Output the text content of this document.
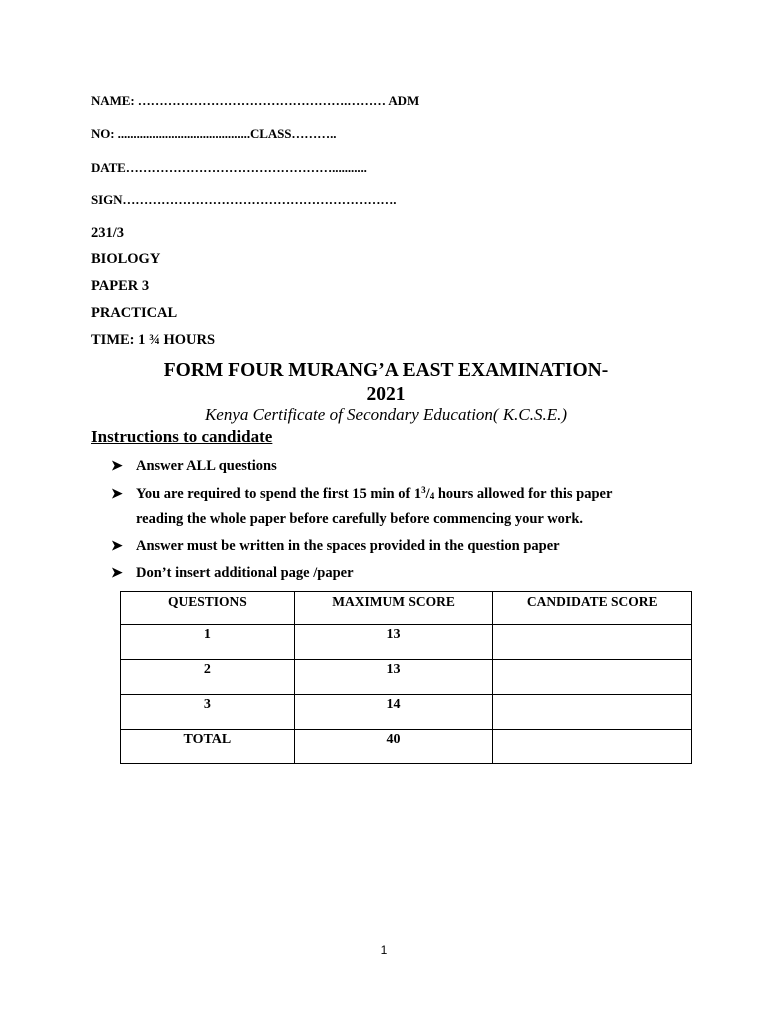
NAME: ………………………………………….……… ADM
NO: ..........................................CLASS………..
DATE…………………………………………...........
SIGN……………………………………………………….
231/3
BIOLOGY
PAPER 3
PRACTICAL
TIME: 1 ¾ HOURS
FORM FOUR MURANG’A EAST EXAMINATION-
2021
Kenya Certificate of Secondary Education( K.C.S.E.)
Instructions to candidate
➤ Answer ALL questions
➤ You are required to spend the first 15 min of $1^3/_4$ hours allowed for this paper
reading the whole paper before carefully before commencing your work.
➤ Answer must be written in the spaces provided in the question paper
➤ Don’t insert additional page /paper
QUESTIONS	MAXIMUM SCORE	CANDIDATE SCORE
1	13	
2	13	
3	14	
TOTAL	40	
1
